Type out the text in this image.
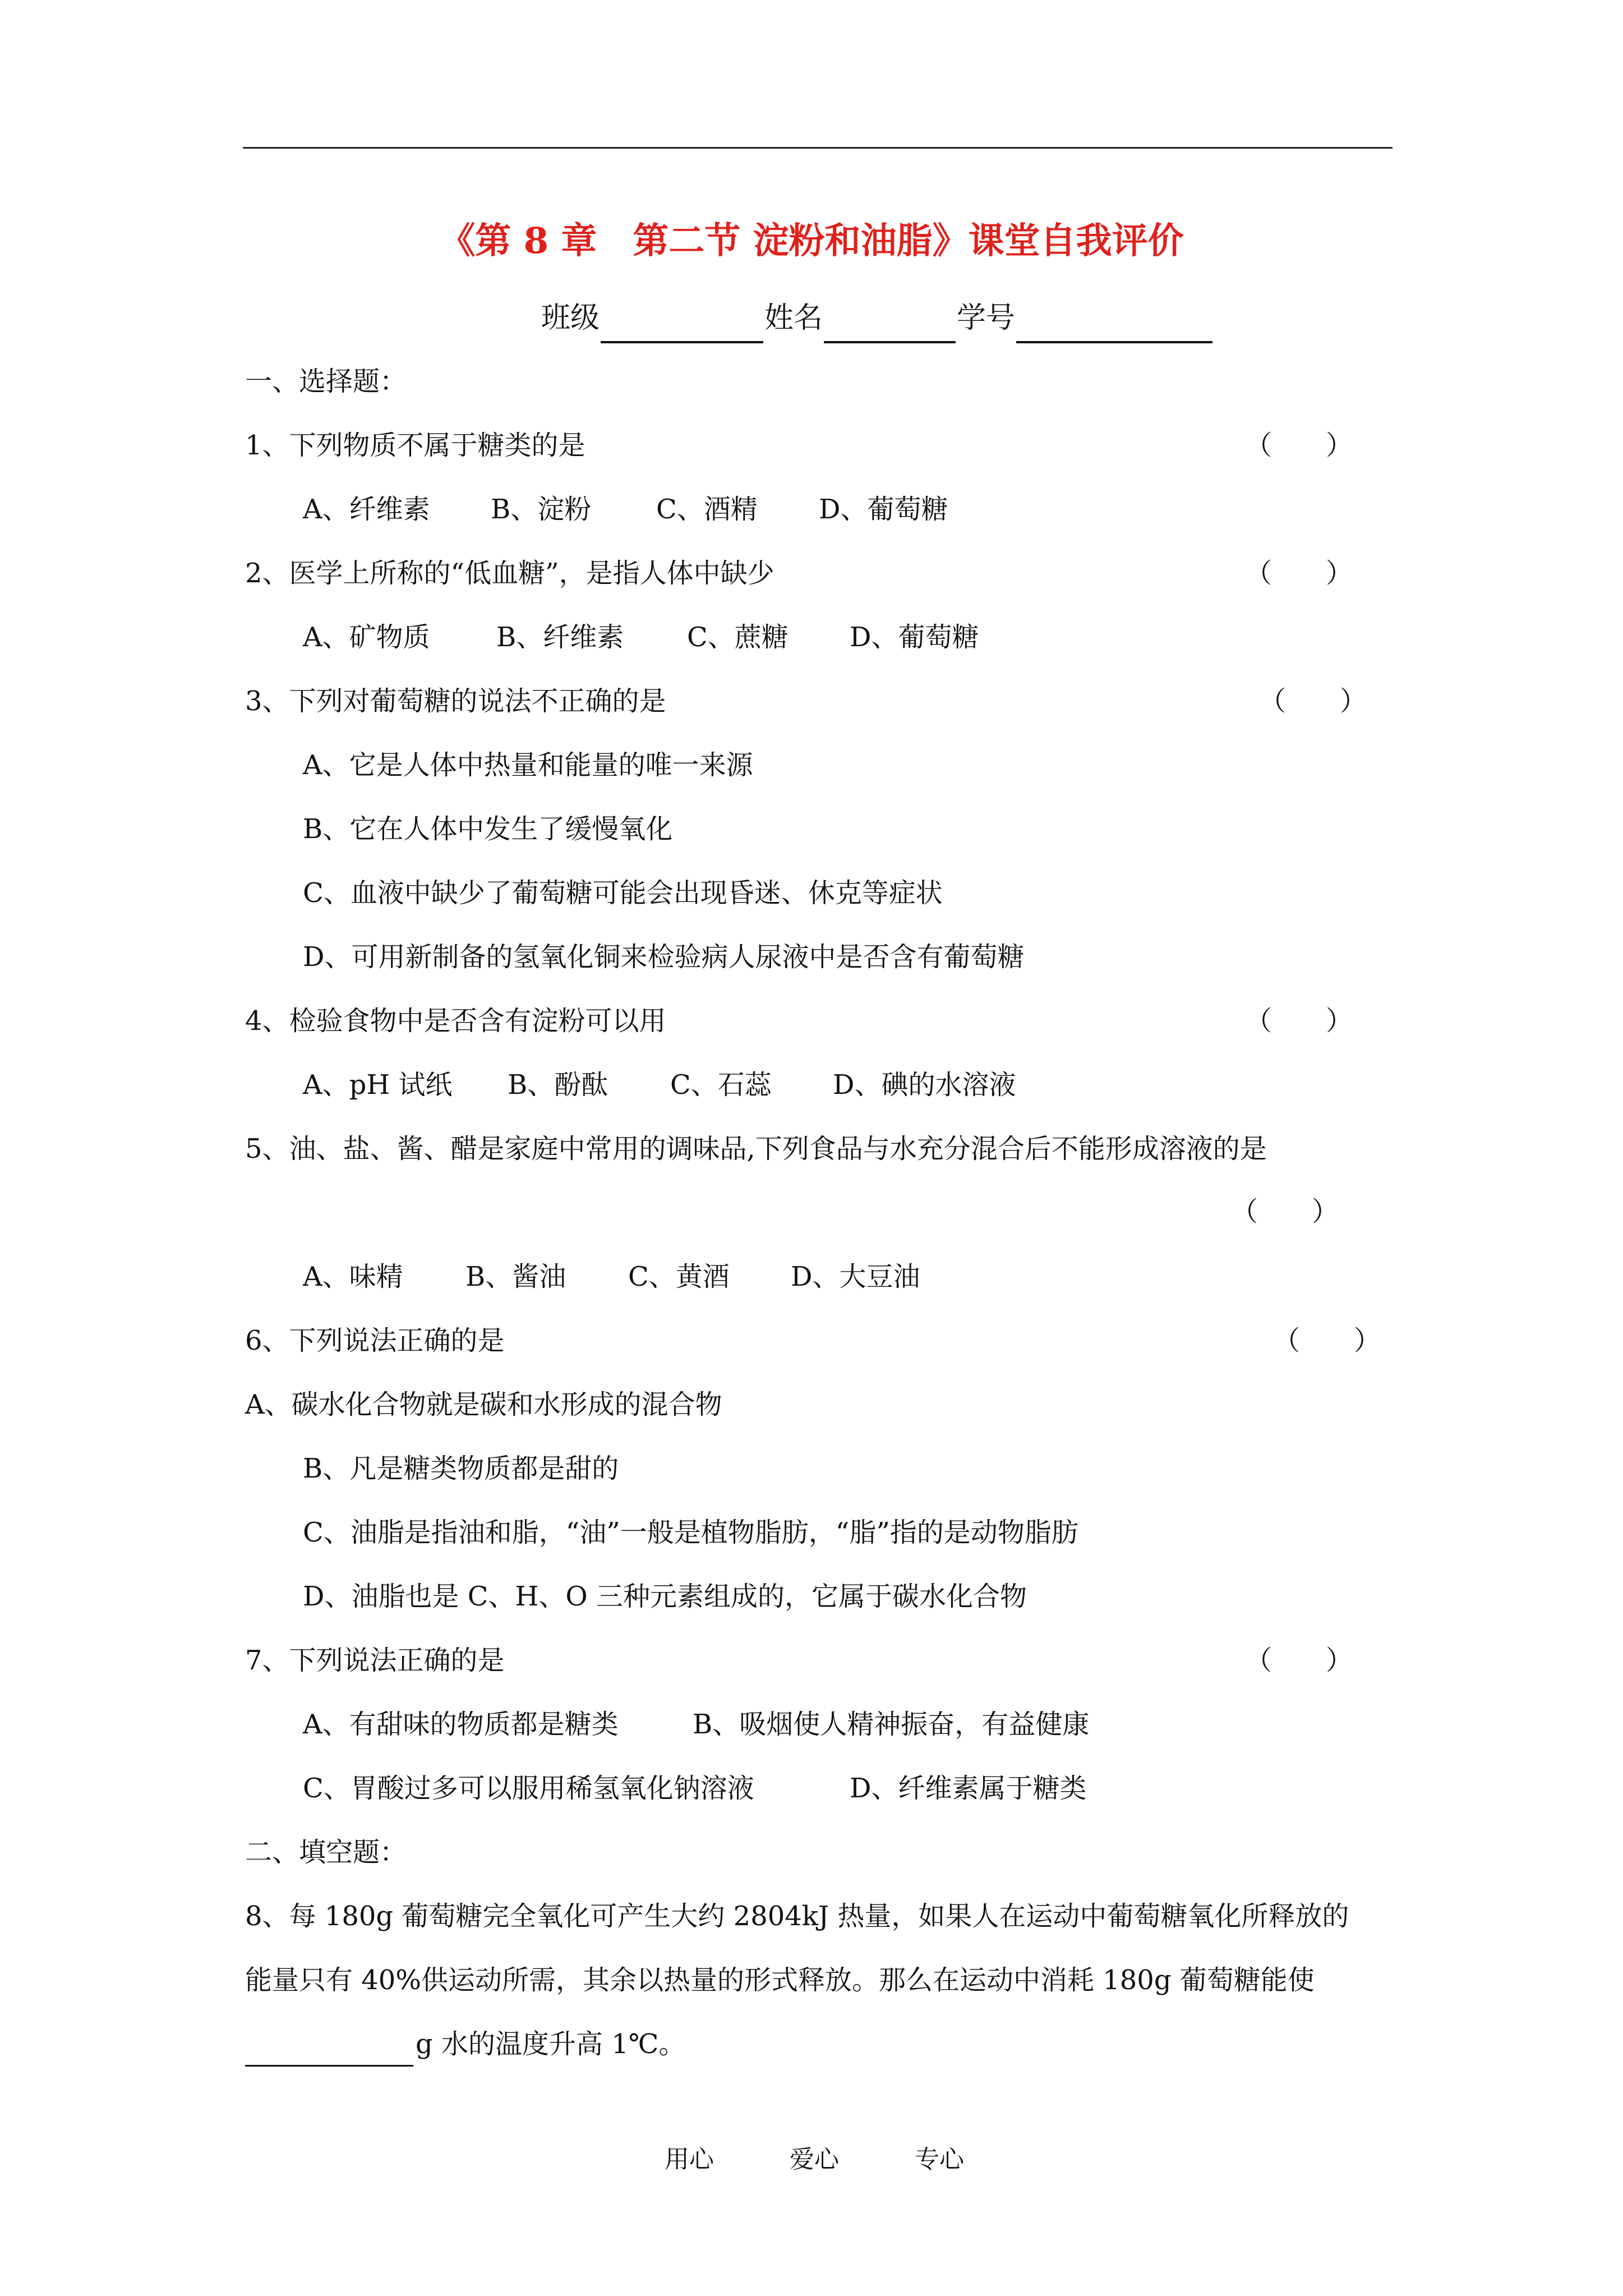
《第 8 章　第二节 淀粉和油脂》课堂自我评价
班级	姓名	学号
一、选择题：
1、下列物质不属于糖类的是	（　　）
A、纤维素 B、淀粉 C、酒精 D、葡萄糖
2、医学上所称的“低血糖”，是指人体中缺少	（　　）
A、矿物质 B、纤维素 C、蔗糖 D、葡萄糖
3、下列对葡萄糖的说法不正确的是	（　　）
A、它是人体中热量和能量的唯一来源
B、它在人体中发生了缓慢氧化
C、血液中缺少了葡萄糖可能会出现昏迷、休克等症状
D、可用新制备的氢氧化铜来检验病人尿液中是否含有葡萄糖
4、检验食物中是否含有淀粉可以用	（　　）
A、pH 试纸 B、酚酞 C、石蕊 D、碘的水溶液
5、油、盐、酱、醋是家庭中常用的调味品,下列食品与水充分混合后不能形成溶液的是
（　　）
A、味精 B、酱油 C、黄酒 D、大豆油
6、下列说法正确的是	（　　）
A、碳水化合物就是碳和水形成的混合物
B、凡是糖类物质都是甜的
C、油脂是指油和脂，“油”一般是植物脂肪，“脂”指的是动物脂肪
D、油脂也是 C、H、O 三种元素组成的，它属于碳水化合物
7、下列说法正确的是	（　　）
A、有甜味的物质都是糖类	B、吸烟使人精神振奋，有益健康
C、胃酸过多可以服用稀氢氧化钠溶液	D、纤维素属于糖类
二、填空题：
8、每 180g 葡萄糖完全氧化可产生大约 2804kJ 热量，如果人在运动中葡萄糖氧化所释放的
能量只有 40%供运动所需，其余以热量的形式释放。那么在运动中消耗 180g 葡萄糖能使
g 水的温度升高 1℃。
用心	爱心	专心
